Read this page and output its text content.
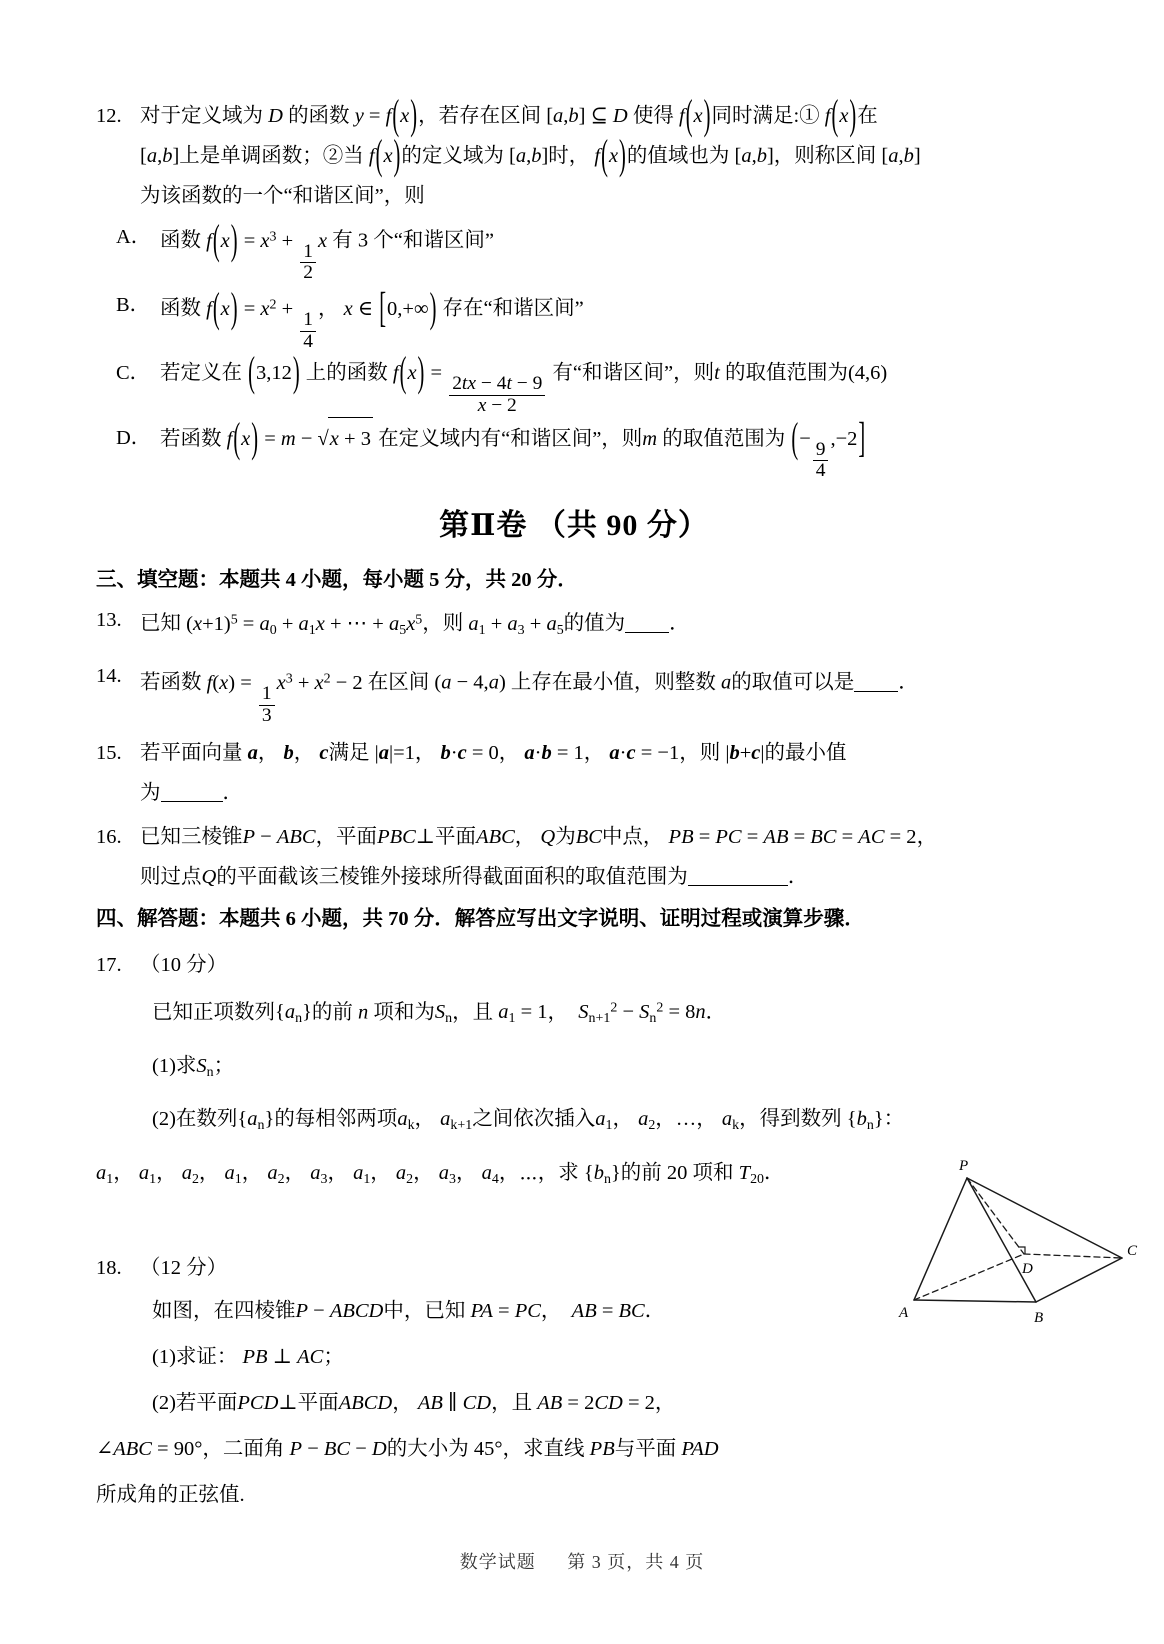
12. 对于定义域为 D 的函数 y = f(x)，若存在区间 [a,b] ⊆ D 使得 f(x)同时满足:① f(x)在
[a,b]上是单调函数；②当 f(x)的定义域为 [a,b]时， f(x)的值域也为 [a,b]，则称区间 [a,b]
为该函数的一个“和谐区间”，则
A． 函数 $f(x) = x^3$ +
$\frac{1}{2}$
x 有 3 个“和谐区间”
B． 函数 $f(x) = x^2$ +
$\frac{1}{4}$
， x ∈ [0,+∞) 存在“和谐区间”
C． 若定义在 (3,12) 上的函数 f(x) =
$\frac{2tx - 4t - 9}{x - 2}$
有“和谐区间”，则t 的取值范围为(4,6)
D． 若函数 f(x) = m − √x + 3 在定义域内有“和谐区间”，则m 的取值范围为 (−
$\frac{9}{4}$
,−2]
第Ⅱ卷 （共 90 分）
三、填空题：本题共 4 小题，每小题 5 分，共 20 分．
13. 已知 $(x+1)^5 = a_0 + a_1x$ + ⋯ + $a_5x^5$，则 $a_1 + a_3 + a_5$的值为 ．
14. 若函数 f(x) =
$\frac{1}{3}$
$x^3 + x^2 - 2$ 在区间 (a − 4,a) 上存在最小值，则整数 a的取值可以是 ．
15. 若平面向量 a， b， c满足 |a|=1， b·c = 0， a·b = 1， a·c = −1，则 |b+c|的最小值
为	．
16. 已知三棱锥P − ABC，平面PBC⊥平面ABC， Q为BC中点， PB = PC = AB = BC = AC = 2，
则过点Q的平面截该三棱锥外接球所得截面面积的取值范围为	．
四、解答题：本题共 6 小题，共 70 分．解答应写出文字说明、证明过程或演算步骤．
17. （10 分）
已知正项数列$\{a_n\}$的前 n 项和为$S_n$，且 $a_1 = 1$， $S_{n+1}^2 - S_n^2 = 8n$．
(1)求$S_n$；
(2)在数列$\{a_n\}$的每相邻两项$a_k$， $a_{k+1}$之间依次插入$a_1$， $a_2$，…， $a_k$，得到数列 $\{b_n\}$：
$a_1$， $a_1$， $a_2$， $a_1$， $a_2$， $a_3$， $a_1$， $a_2$， $a_3$， $a_4$，⋯，求 $\{b_n\}$的前 20 项和 $T_{20}$．
18. （12 分）
如图，在四棱锥P − ABCD中，已知 PA = PC， AB = BC．
(1)求证： PB ⊥ AC；
(2)若平面PCD⊥平面ABCD， AB ∥ CD，且 AB = 2CD = 2，
∠ABC = 90°，二面角 P − BC − D的大小为 45°，求直线 PB与平面 PAD
所成角的正弦值.
P
A	B
C
D
数学试题 第 3 页，共 4 页
